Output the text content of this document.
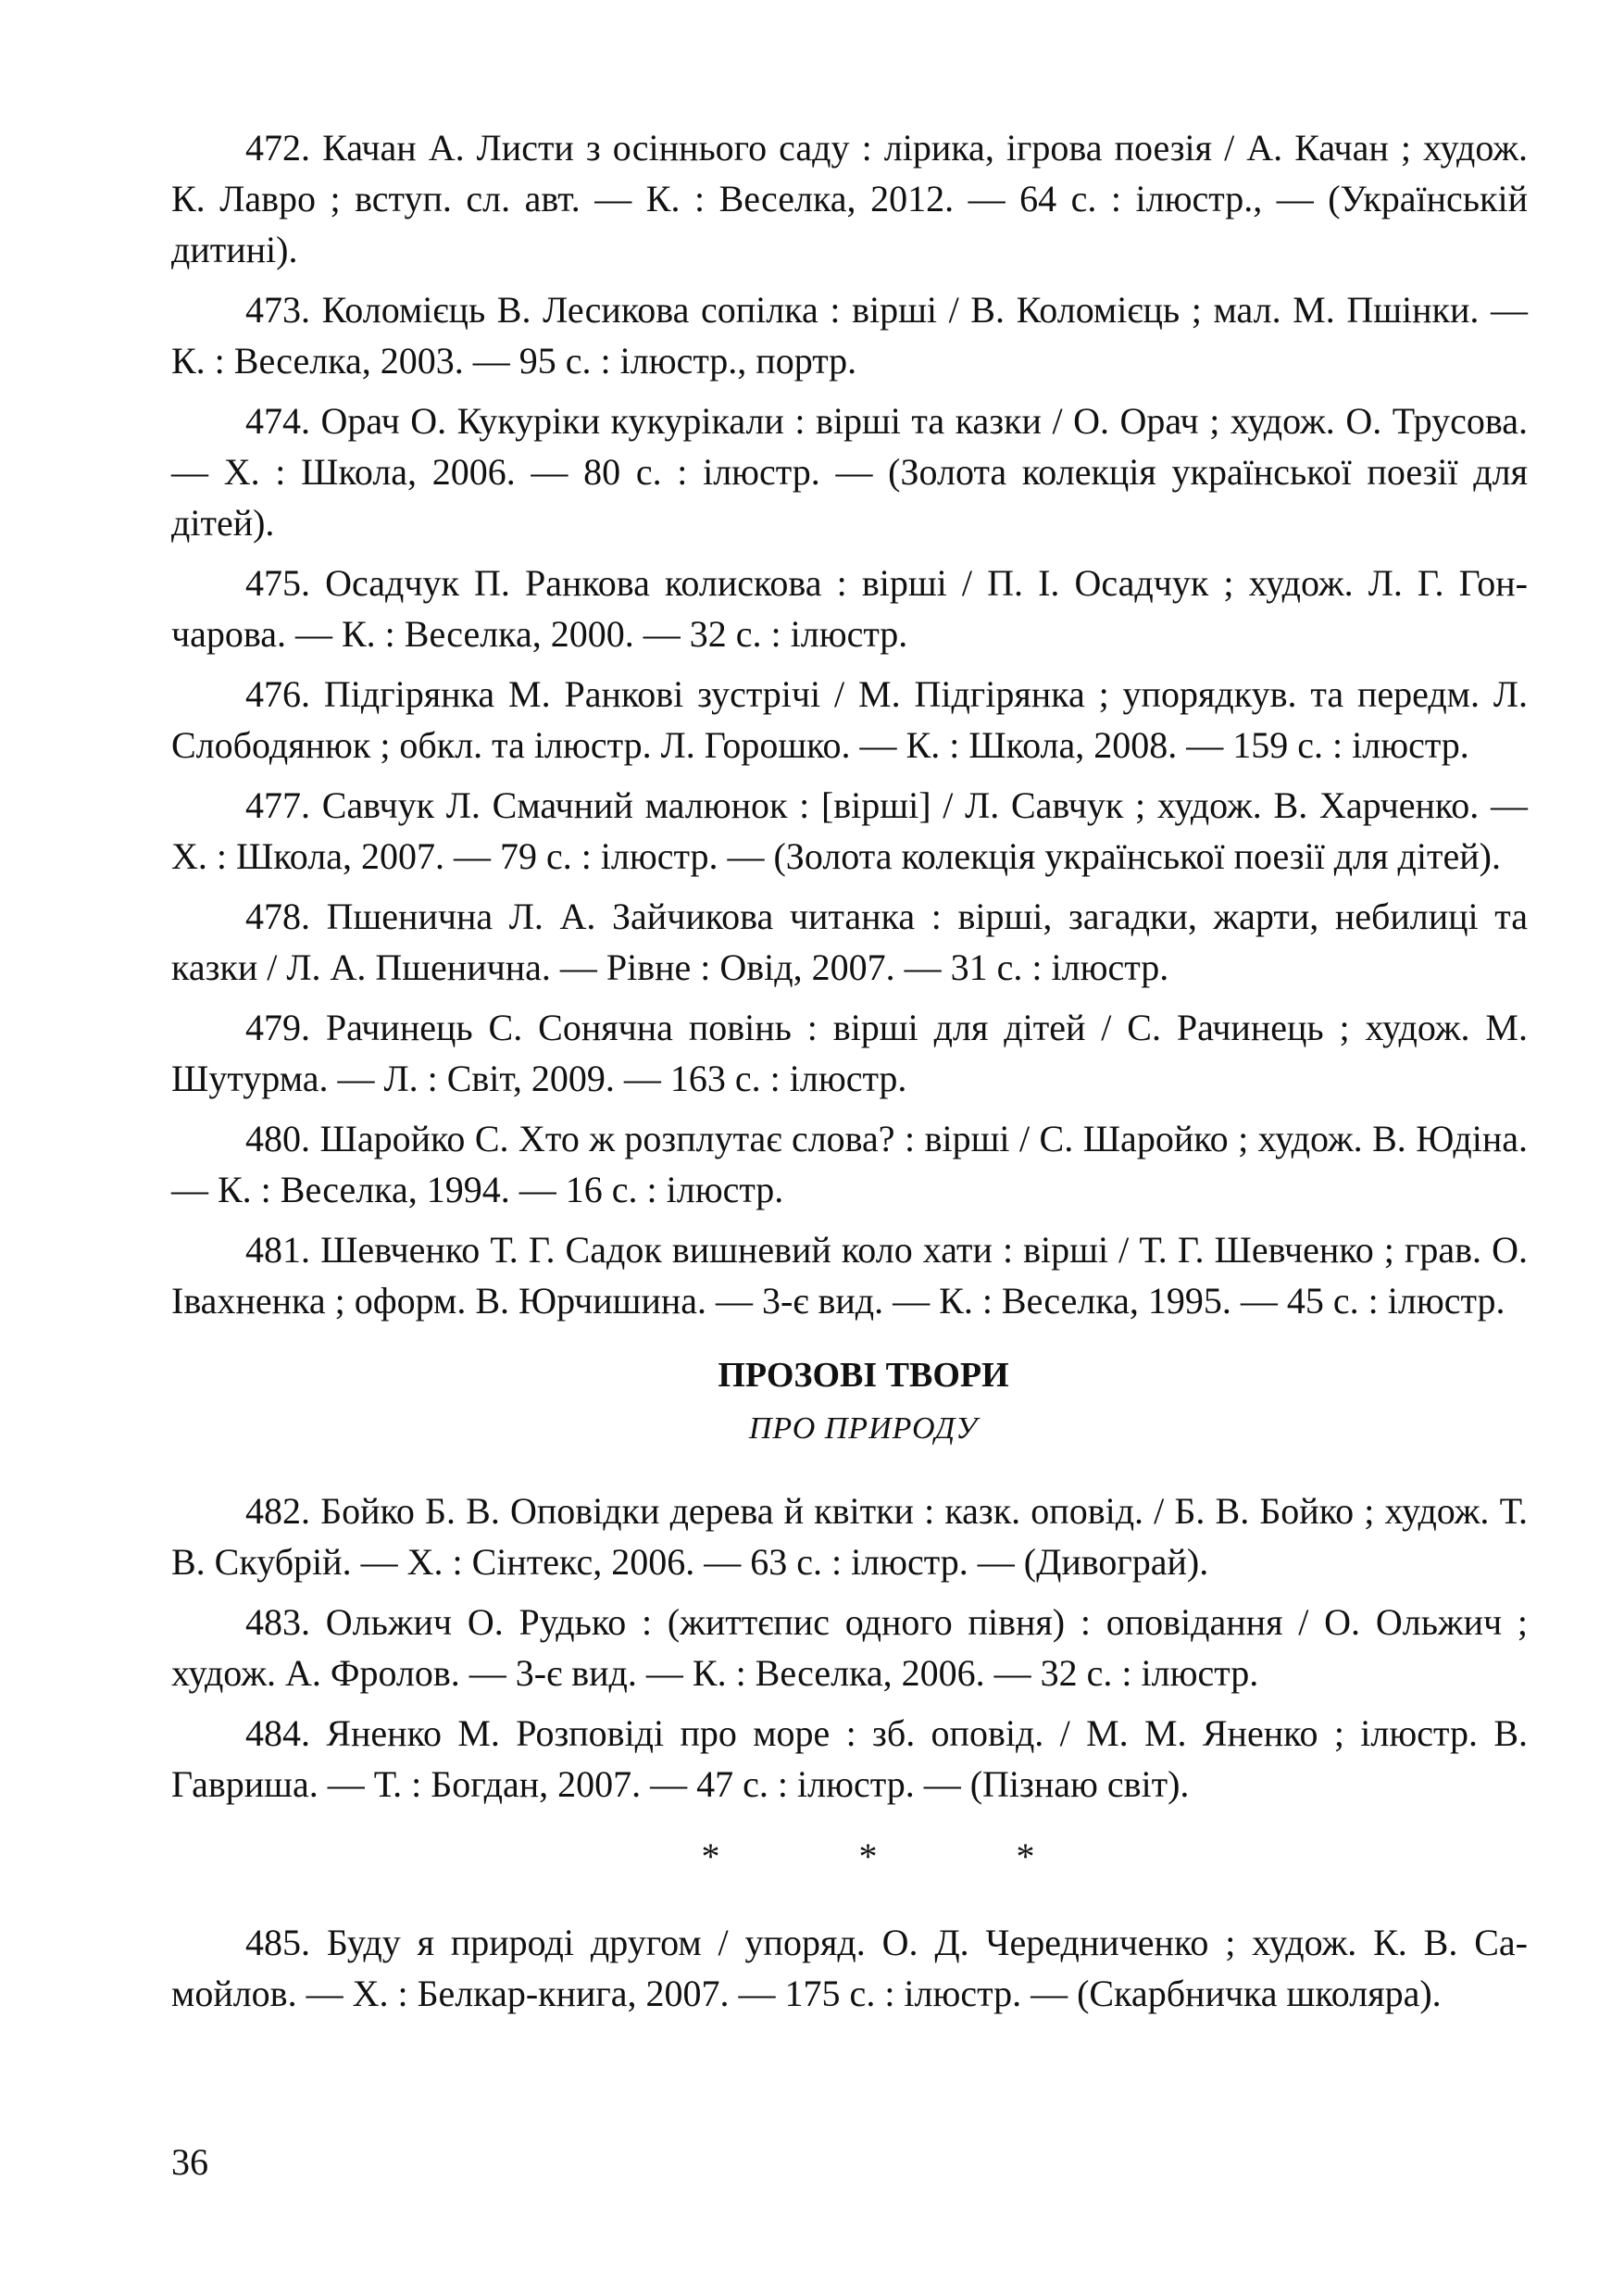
472. Качан А. Листи з осіннього саду : лірика, ігрова поезія / А. Качан ; худож. К. Лавро ; вступ. сл. авт. — К. : Веселка, 2012. — 64 с. : ілюстр., — (Українській дитині).

473. Коломієць В. Лесикова сопілка : вірші / В. Коломієць ; мал. М. Пшінки. — К. : Веселка, 2003. — 95 с. : ілюстр., портр.

474. Орач О. Кукуріки кукурікали : вірші та казки / О. Орач ; худож. О. Трусова. — Х. : Школа, 2006. — 80 с. : ілюстр. — (Золота колекція української поезії для дітей).

475. Осадчук П. Ранкова колискова : вірші / П. І. Осадчук ; худож. Л. Г. Гончарова. — К. : Веселка, 2000. — 32 с. : ілюстр.

476. Підгірянка М. Ранкові зустрічі / М. Підгірянка ; упорядкув. та передм. Л. Слободянюк ; обкл. та ілюстр. Л. Горошко. — К. : Школа, 2008. — 159 с. : ілюстр.

477. Савчук Л. Смачний малюнок : [вірші] / Л. Савчук ; худож. В. Харченко. — Х. : Школа, 2007. — 79 с. : ілюстр. — (Золота колекція української поезії для дітей).

478. Пшенична Л. А. Зайчикова читанка : вірші, загадки, жарти, небилиці та казки / Л. А. Пшенична. — Рівне : Овід, 2007. — 31 с. : ілюстр.

479. Рачинець С. Сонячна повінь : вірші для дітей / С. Рачинець ; худож. М. Шутурма. — Л. : Світ, 2009. — 163 с. : ілюстр.

480. Шаройко С. Хто ж розплутає слова? : вірші / С. Шаройко ; худож. В. Юдіна. — К. : Веселка, 1994. — 16 с. : ілюстр.

481. Шевченко Т. Г. Садок вишневий коло хати : вірші / Т. Г. Шевченко ; грав. О. Івахненка ; оформ. В. Юрчишина. — 3-є вид. — К. : Веселка, 1995. — 45 с. : ілюстр.

ПРОЗОВІ ТВОРИ
ПРО ПРИРОДУ

482. Бойко Б. В. Оповідки дерева й квітки : казк. оповід. / Б. В. Бойко ; худож. Т. В. Скубрій. — Х. : Сінтекс, 2006. — 63 с. : ілюстр. — (Дивограй).

483. Ольжич О. Рудько : (життєпис одного півня) : оповідання / О. Ольжич ; худож. А. Фролов. — 3-є вид. — К. : Веселка, 2006. — 32 с. : ілюстр.

484. Яненко М. Розповіді про море : зб. оповід. / М. М. Яненко ; ілюстр. В. Гавриша. — Т. : Богдан, 2007. — 47 с. : ілюстр. — (Пізнаю світ).

* * *

485. Буду я природі другом / упоряд. О. Д. Чередниченко ; худож. К. В. Самойлов. — Х. : Белкар-книга, 2007. — 175 с. : ілюстр. — (Скарбничка школяра).

36
